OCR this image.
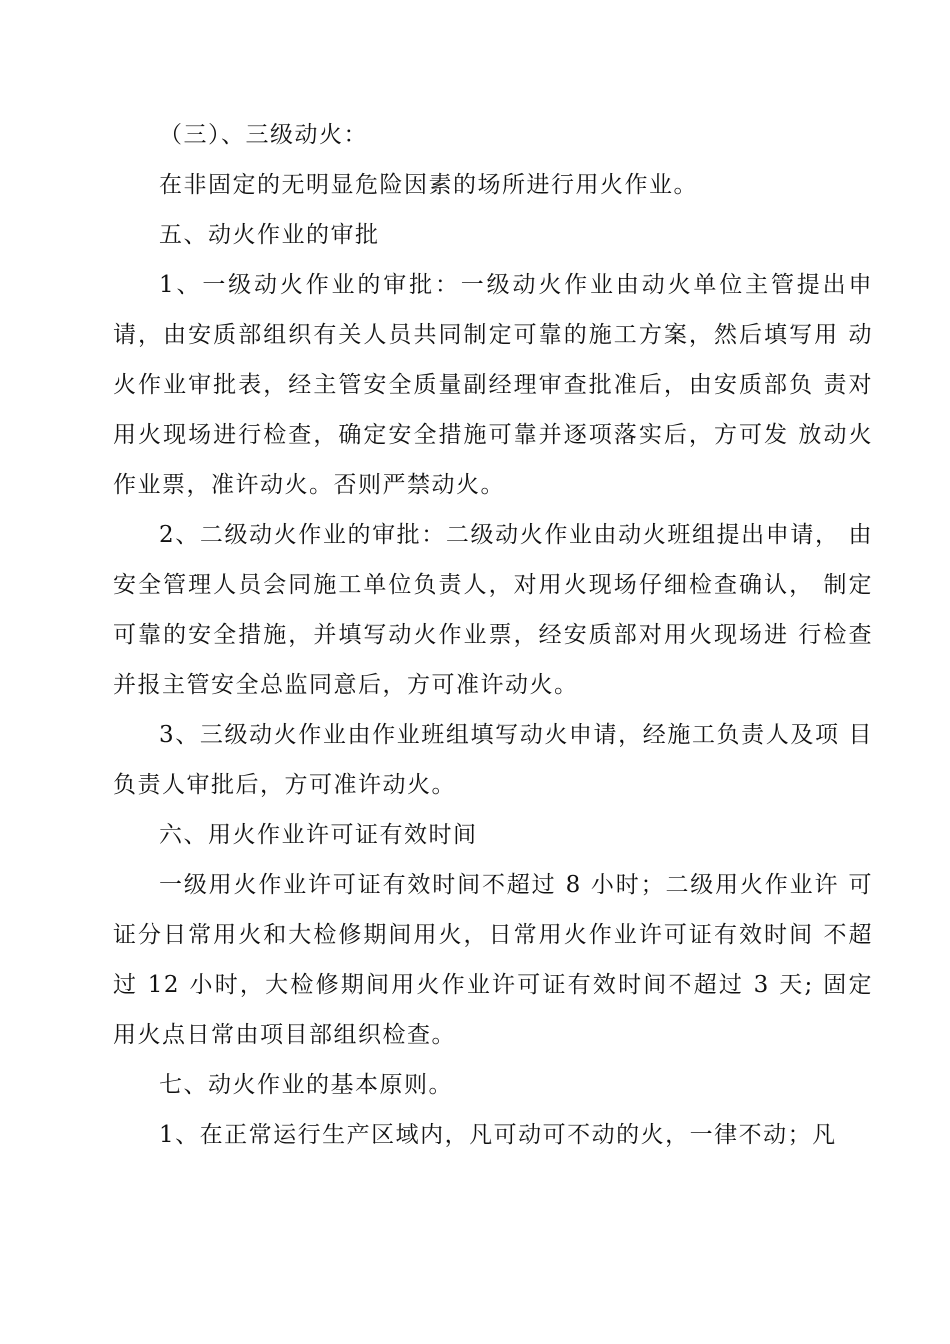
（三）、三级动火：

在非固定的无明显危险因素的场所进行用火作业。

五、动火作业的审批

1、一级动火作业的审批：一级动火作业由动火单位主管提出申请，由安质部组织有关人员共同制定可靠的施工方案，然后填写用 动火作业审批表，经主管安全质量副经理审查批准后，由安质部负 责对用火现场进行检查，确定安全措施可靠并逐项落实后，方可发 放动火作业票，准许动火。否则严禁动火。

2、二级动火作业的审批：二级动火作业由动火班组提出申请， 由安全管理人员会同施工单位负责人，对用火现场仔细检查确认， 制定可靠的安全措施，并填写动火作业票，经安质部对用火现场进 行检查并报主管安全总监同意后，方可准许动火。

3、三级动火作业由作业班组填写动火申请，经施工负责人及项 目负责人审批后，方可准许动火。

六、用火作业许可证有效时间

一级用火作业许可证有效时间不超过 8 小时；二级用火作业许 可证分日常用火和大检修期间用火，日常用火作业许可证有效时间 不超过 12 小时，大检修期间用火作业许可证有效时间不超过 3 天; 固定用火点日常由项目部组织检查。

七、动火作业的基本原则。

1、在正常运行生产区域内，凡可动可不动的火，一律不动；凡
